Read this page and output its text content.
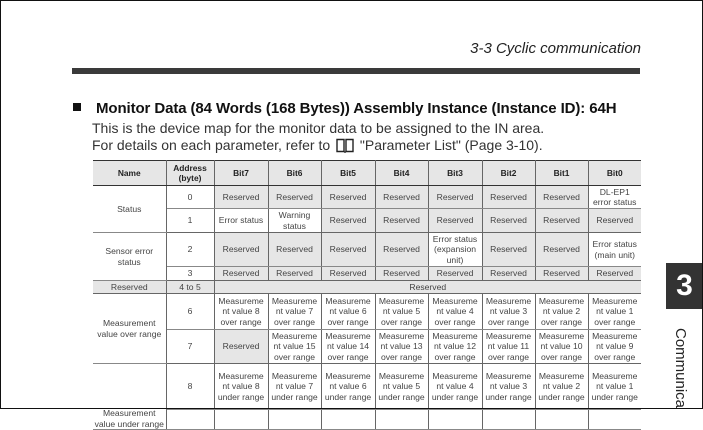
3-3 Cyclic communication
Monitor Data (84 Words (168 Bytes)) Assembly Instance (Instance ID): 64H
This is the device map for the monitor data to be assigned to the IN area.
For details on each parameter, refer to "Parameter List" (Page 3-10).
Name	Address (byte)	Bit7	Bit6	Bit5	Bit4	Bit3	Bit2	Bit1	Bit0
Status	0	Reserved	Reserved	Reserved	Reserved	Reserved	Reserved	Reserved	DL-EP1 error status
	1	Error status	Warning status	Reserved	Reserved	Reserved	Reserved	Reserved	Reserved
Sensor error status	2	Reserved	Reserved	Reserved	Reserved	Error status (expansion unit)	Reserved	Reserved	Error status (main unit)
	3	Reserved	Reserved	Reserved	Reserved	Reserved	Reserved	Reserved	Reserved
Reserved	4 to 5	Reserved							
Measurement value over range	6	Measureme nt value 8 over range	Measureme nt value 7 over range	Measureme nt value 6 over range	Measureme nt value 5 over range	Measureme nt value 4 over range	Measureme nt value 3 over range	Measureme nt value 2 over range	Measureme nt value 1 over range
	7	Reserved	Measureme nt value 15 over range	Measureme nt value 14 over range	Measureme nt value 13 over range	Measureme nt value 12 over range	Measureme nt value 11 over range	Measureme nt value 10 over range	Measureme nt value 9 over range
Measurement value under range	8	Measureme nt value 8 under range	Measureme nt value 7 under range	Measureme nt value 6 under range	Measureme nt value 5 under range	Measureme nt value 4 under range	Measureme nt value 3 under range	Measureme nt value 2 under range	Measureme nt value 1 under range

3
Communica
